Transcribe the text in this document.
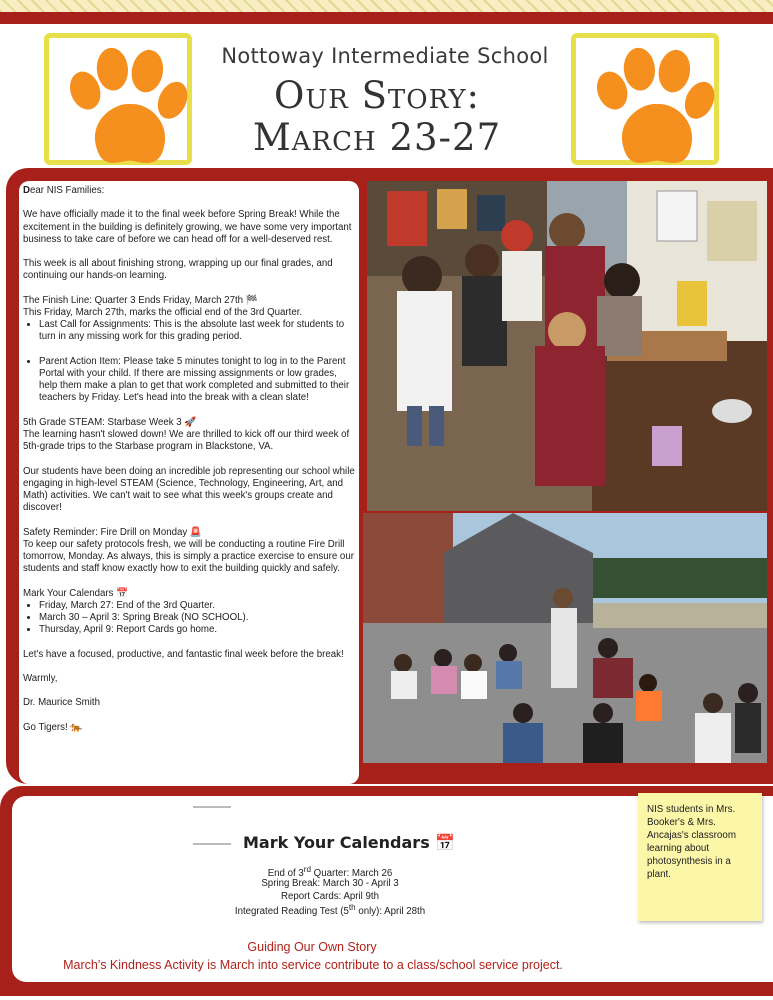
Nottoway Intermediate School
Our Story:
March 23-27

Dear NIS Families:

We have officially made it to the final week before Spring Break! While the excitement in the building is definitely growing, we have some very important business to take care of before we can head off for a well-deserved rest.

This week is all about finishing strong, wrapping up our final grades, and continuing our hands-on learning.

The Finish Line: Quarter 3 Ends Friday, March 27th 🏁

This Friday, March 27th, marks the official end of the 3rd Quarter.

• Last Call for Assignments: This is the absolute last week for students to turn in any missing work for this grading period.
• Parent Action Item: Please take 5 minutes tonight to log in to the Parent Portal with your child. If there are missing assignments or low grades, help them make a plan to get that work completed and submitted to their teachers by Friday. Let's head into the break with a clean slate!

5th Grade STEAM: Starbase Week 3 🚀

The learning hasn't slowed down! We are thrilled to kick off our third week of 5th-grade trips to the Starbase program in Blackstone, VA.

Our students have been doing an incredible job representing our school while engaging in high-level STEAM (Science, Technology, Engineering, Art, and Math) activities. We can't wait to see what this week's groups create and discover!

Safety Reminder: Fire Drill on Monday 🚨

To keep our safety protocols fresh, we will be conducting a routine Fire Drill tomorrow, Monday. As always, this is simply a practice exercise to ensure our students and staff know exactly how to exit the building quickly and safely.

Mark Your Calendars 📅

• Friday, March 27: End of the 3rd Quarter.
• March 30 – April 3: Spring Break (NO SCHOOL).
• Thursday, April 9: Report Cards go home.

Let's have a focused, productive, and fantastic final week before the break!

Warmly,

Dr. Maurice Smith

Go Tigers! 🐅

Mark Your Calendars 📅
End of 3rd Quarter: March 26
Spring Break: March 30 - April 3
Report Cards: April 9th
Integrated Reading Test (5th only): April 28th
Guiding Our Own Story
March's Kindness Activity is March into service contribute to a class/school service project.
NIS students in Mrs. Booker's & Mrs. Ancajas's classroom learning about photosynthesis in a plant.
